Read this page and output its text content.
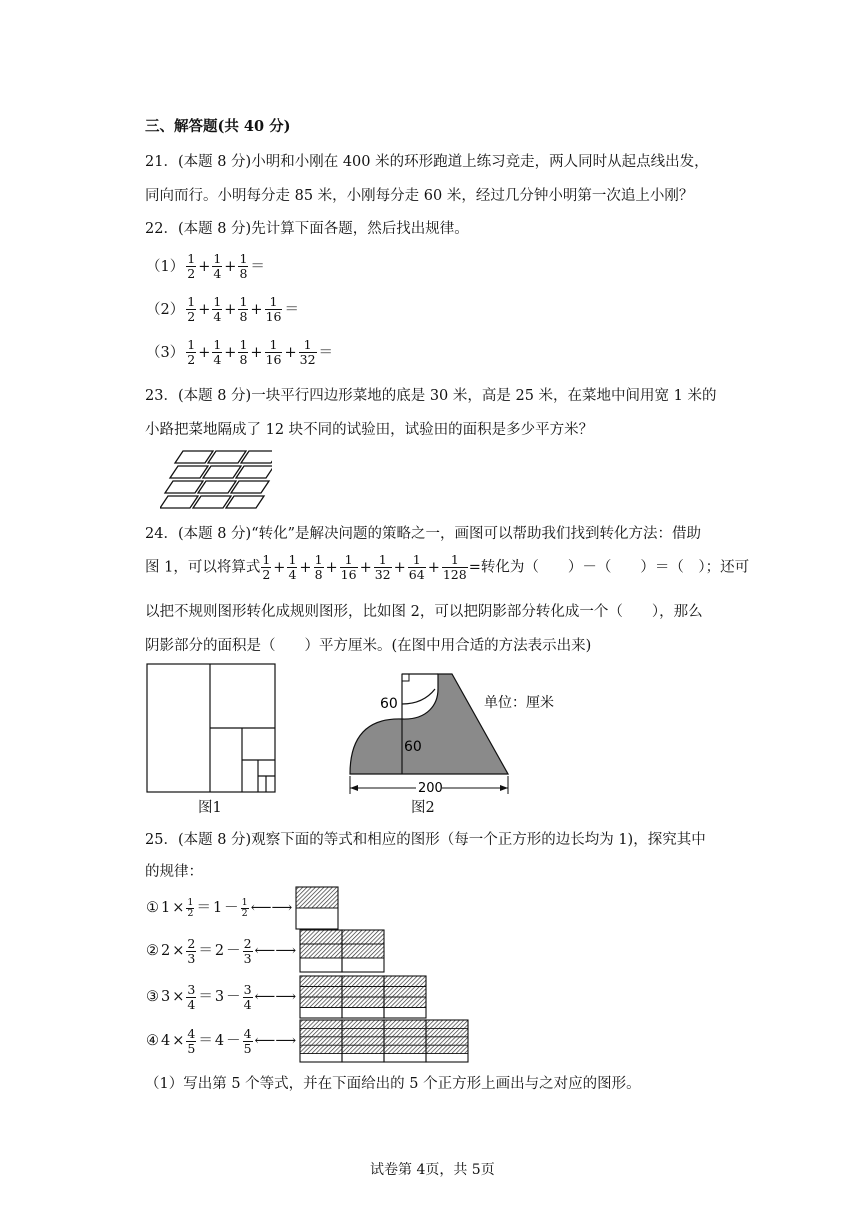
三、解答题(共 40 分)
21．(本题 8 分)小明和小刚在 400 米的环形跑道上练习竞走，两人同时从起点线出发，
同向而行。小明每分走 85 米，小刚每分走 60 米，经过几分钟小明第一次追上小刚？
22．(本题 8 分)先计算下面各题，然后找出规律。
$(1) \frac{1}{2} + \frac{1}{4} + \frac{1}{8}$ ＝
$(2) \frac{1}{2} + \frac{1}{4} + \frac{1}{8} + \frac{1}{16}$ ＝
$(3) \frac{1}{2} + \frac{1}{4} + \frac{1}{8} + \frac{1}{16} + \frac{1}{32}$ ＝
23．(本题 8 分)一块平行四边形菜地的底是 30 米，高是 25 米，在菜地中间用宽 1 米的
小路把菜地隔成了 12 块不同的试验田，试验田的面积是多少平方米？
24．(本题 8 分)“转化”是解决问题的策略之一，画图可以帮助我们找到转化方法：借助
图 1，可以将算式 $\frac{1}{2} + \frac{1}{4} + \frac{1}{8} + \frac{1}{16} + \frac{1}{32} + \frac{1}{64} + \frac{1}{128}$ =转化为（　　）－（　　）＝（　）；还可
以把不规则图形转化成规则图形，比如图 2，可以把阴影部分转化成一个（　　），那么
阴影部分的面积是（　　）平方厘米。(在图中用合适的方法表示出来)
图1
60
60
200
单位：厘米
图2
25．(本题 8 分)观察下面的等式和相应的图形（每一个正方形的边长均为 1)，探究其中
的规律：
① $1 \times \frac{1}{2} = 1 - \frac{1}{2}$ ⟵⟶
② $2 \times \frac{2}{3} = 2 - \frac{2}{3}$ ⟵⟶
③ $3 \times \frac{3}{4} = 3 - \frac{3}{4}$ ⟵⟶
④ $4 \times \frac{4}{5} = 4 - \frac{4}{5}$ ⟵⟶
（1）写出第 5 个等式，并在下面给出的 5 个正方形上画出与之对应的图形。
试卷第 4页，共 5页
